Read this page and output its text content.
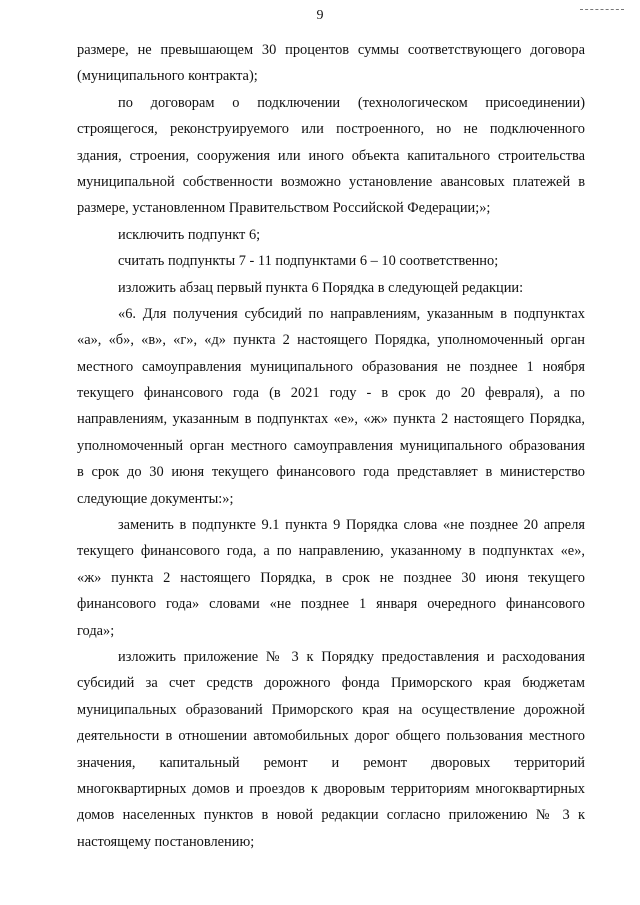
9
размере, не превышающем 30 процентов суммы соответствующего договора
(муниципального контракта);
по договорам о подключении (технологическом присоединении)
строящегося, реконструируемого или построенного, но не подключенного
здания, строения, сооружения или иного объекта капитального строительства
муниципальной собственности возможно установление авансовых платежей в
размере, установленном Правительством Российской Федерации;»;
исключить подпункт 6;
считать подпункты 7 - 11 подпунктами 6 – 10 соответственно;
изложить абзац первый пункта 6 Порядка в следующей редакции:
«6. Для получения субсидий по направлениям, указанным в подпунктах
«а», «б», «в», «г», «д» пункта 2 настоящего Порядка, уполномоченный орган
местного самоуправления муниципального образования не позднее 1 ноября
текущего финансового года (в 2021 году - в срок до 20 февраля), а по
направлениям, указанным в подпунктах «е», «ж» пункта 2 настоящего Порядка,
уполномоченный орган местного самоуправления муниципального образования
в срок до 30 июня текущего финансового года представляет в министерство
следующие документы:»;
заменить в подпункте 9.1 пункта 9 Порядка слова «не позднее 20 апреля
текущего финансового года, а по направлению, указанному в подпунктах «е»,
«ж» пункта 2 настоящего Порядка, в срок не позднее 30 июня текущего
финансового года» словами «не позднее 1 января очередного финансового
года»;
изложить приложение № 3 к Порядку предоставления и расходования
субсидий за счет средств дорожного фонда Приморского края бюджетам
муниципальных образований Приморского края на осуществление дорожной
деятельности в отношении автомобильных дорог общего пользования местного
значения, капитальный ремонт и ремонт дворовых территорий
многоквартирных домов и проездов к дворовым территориям многоквартирных
домов населенных пунктов в новой редакции согласно приложению № 3 к
настоящему постановлению;
